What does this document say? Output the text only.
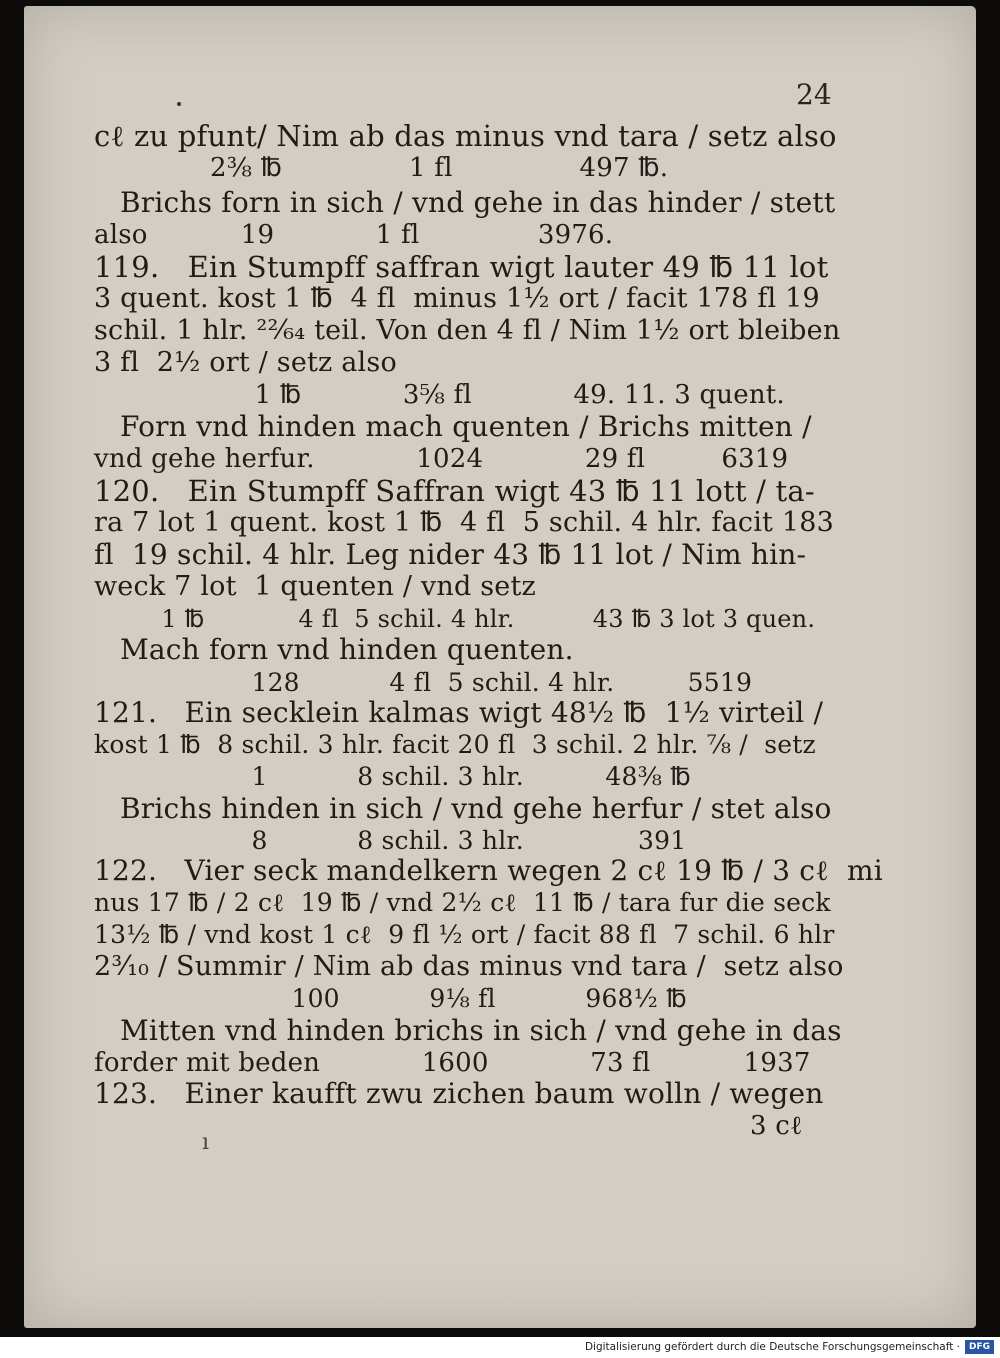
24
cℓ zu pfunt/ Nim ab das minus vnd tara / setz also
2⅜ ℔               1 fl               497 ℔.
Brichs forn in sich / vnd gehe in das hinder / stett
also           19            1 fl              3976.
119.   Ein Stumpff saffran wigt lauter 49 ℔ 11 lot
3 quent. kost 1 ℔  4 fl  minus 1½ ort / facit 178 fl 19
schil. 1 hlr. ²²⁄₆₄ teil. Von den 4 fl / Nim 1½ ort bleiben
3 fl  2½ ort / setz also
1 ℔            3⅝ fl            49. 11. 3 quent.
Forn vnd hinden mach quenten / Brichs mitten /
vnd gehe herfur.            1024            29 fl         6319
120.   Ein Stumpff Saffran wigt 43 ℔ 11 lott / ta-
ra 7 lot 1 quent. kost 1 ℔  4 fl  5 schil. 4 hlr. facit 183
fl  19 schil. 4 hlr. Leg nider 43 ℔ 11 lot / Nim hin-
weck 7 lot  1 quenten / vnd setz
1 ℔            4 fl  5 schil. 4 hlr.          43 ℔ 3 lot 3 quen.
Mach forn vnd hinden quenten.
128           4 fl  5 schil. 4 hlr.         5519
121.   Ein secklein kalmas wigt 48½ ℔  1½ virteil /
kost 1 ℔  8 schil. 3 hlr. facit 20 fl  3 schil. 2 hlr. ⅞ /  setz
1           8 schil. 3 hlr.          48⅜ ℔
Brichs hinden in sich / vnd gehe herfur / stet also
8           8 schil. 3 hlr.              391
122.   Vier seck mandelkern wegen 2 cℓ 19 ℔ / 3 cℓ  mi
nus 17 ℔ / 2 cℓ  19 ℔ / vnd 2½ cℓ  11 ℔ / tara fur die seck
13½ ℔ / vnd kost 1 cℓ  9 fl ½ ort / facit 88 fl  7 schil. 6 hlr
2³⁄₁₀ / Summir / Nim ab das minus vnd tara /  setz also
100           9⅛ fl           968½ ℔
Mitten vnd hinden brichs in sich / vnd gehe in das
forder mit beden            1600            73 fl           1937
123.   Einer kaufft zwu zichen baum wolln / wegen
3 cℓ
ı
Digitalisierung gefördert durch die Deutsche Forschungsgemeinschaft · DFG
